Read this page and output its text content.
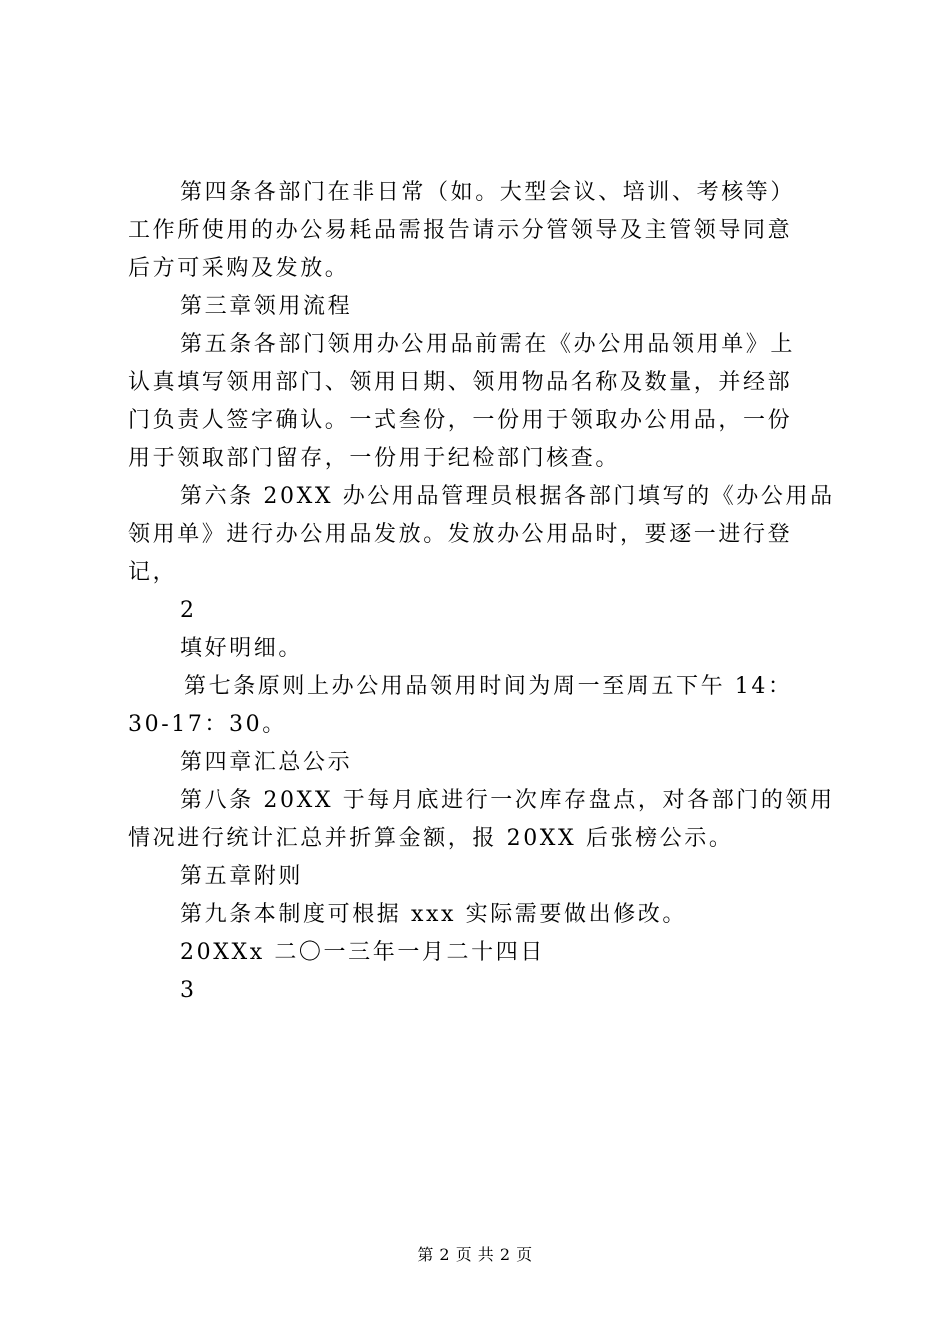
第四条各部门在非日常（如。大型会议、培训、考核等）
工作所使用的办公易耗品需报告请示分管领导及主管领导同意
后方可采购及发放。
第三章领用流程
第五条各部门领用办公用品前需在《办公用品领用单》上
认真填写领用部门、领用日期、领用物品名称及数量，并经部
门负责人签字确认。一式叁份，一份用于领取办公用品，一份
用于领取部门留存，一份用于纪检部门核查。
第六条 20XX 办公用品管理员根据各部门填写的《办公用品
领用单》进行办公用品发放。发放办公用品时，要逐一进行登
记，
2
填好明细。
第七条原则上办公用品领用时间为周一至周五下午 14：
30-17：30。
第四章汇总公示
第八条 20XX 于每月底进行一次库存盘点，对各部门的领用
情况进行统计汇总并折算金额，报 20XX 后张榜公示。
第五章附则
第九条本制度可根据 xxx 实际需要做出修改。
20XXx 二〇一三年一月二十四日
3
第 2 页 共 2 页
